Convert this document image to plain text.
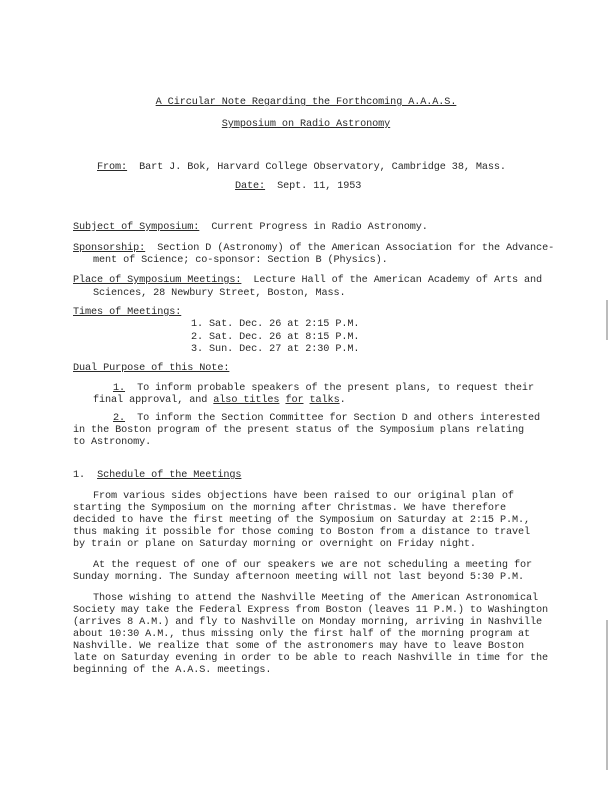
A Circular Note Regarding the Forthcoming A.A.A.S.
Symposium on Radio Astronomy
From: Bart J. Bok, Harvard College Observatory, Cambridge 38, Mass.
Date: Sept. 11, 1953
Subject of Symposium: Current Progress in Radio Astronomy.
Sponsorship: Section D (Astronomy) of the American Association for the Advance-
ment of Science; co-sponsor: Section B (Physics).
Place of Symposium Meetings: Lecture Hall of the American Academy of Arts and
Sciences, 28 Newbury Street, Boston, Mass.
Times of Meetings:
1. Sat. Dec. 26 at 2:15 P.M.
2. Sat. Dec. 26 at 8:15 P.M.
3. Sun. Dec. 27 at 2:30 P.M.
Dual Purpose of this Note:
1. To inform probable speakers of the present plans, to request their
final approval, and also titles for talks.
2. To inform the Section Committee for Section D and others interested
in the Boston program of the present status of the Symposium plans relating
to Astronomy.
1. Schedule of the Meetings
From various sides objections have been raised to our original plan of
starting the Symposium on the morning after Christmas. We have therefore
decided to have the first meeting of the Symposium on Saturday at 2:15 P.M.,
thus making it possible for those coming to Boston from a distance to travel
by train or plane on Saturday morning or overnight on Friday night.
At the request of one of our speakers we are not scheduling a meeting for
Sunday morning. The Sunday afternoon meeting will not last beyond 5:30 P.M.
Those wishing to attend the Nashville Meeting of the American Astronomical
Society may take the Federal Express from Boston (leaves 11 P.M.) to Washington
(arrives 8 A.M.) and fly to Nashville on Monday morning, arriving in Nashville
about 10:30 A.M., thus missing only the first half of the morning program at
Nashville. We realize that some of the astronomers may have to leave Boston
late on Saturday evening in order to be able to reach Nashville in time for the
beginning of the A.A.S. meetings.
